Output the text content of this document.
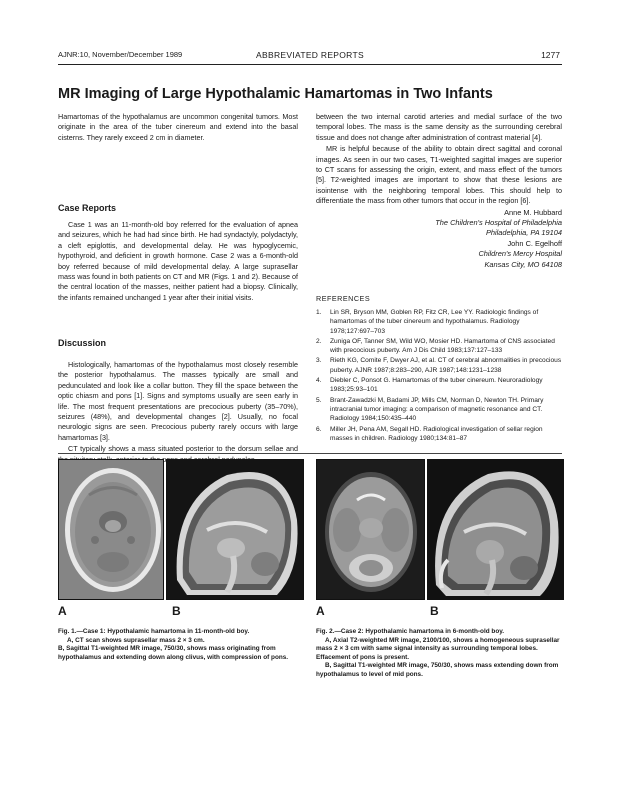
AJNR:10, November/December 1989	ABBREVIATED REPORTS	1277
MR Imaging of Large Hypothalamic Hamartomas in Two Infants

Hamartomas of the hypothalamus are uncommon congenital tumors. Most originate in the area of the tuber cinereum and extend into the basal cisterns. They rarely exceed 2 cm in diameter.

Case Reports

Case 1 was an 11-month-old boy referred for the evaluation of apnea and seizures, which he had had since birth. He had syndactyly, polydactyly, a cleft epiglottis, and developmental delay. He was hypoglycemic, hypothyroid, and deficient in growth hormone. Case 2 was a 6-month-old boy referred because of mild developmental delay. A large suprasellar mass was found in both patients on CT and MR (Figs. 1 and 2). Because of the central location of the masses, neither patient had a biopsy. Clinically, the infants remained unchanged 1 year after their initial visits.

Discussion

Histologically, hamartomas of the hypothalamus most closely resemble the posterior hypothalamus. The masses typically are small and pedunculated and look like a collar button. They fill the space between the optic chiasm and pons [1]. Signs and symptoms usually are seen early in life. The most frequent presentations are precocious puberty (35–70%), seizures (48%), and developmental changes [2]. Usually, no focal neurologic signs are seen. Precocious puberty rarely occurs with large hamartomas [3].

CT typically shows a mass situated posterior to the dorsum sellae and

between the two internal carotid arteries and medial surface of the two temporal lobes. The mass is the same density as the surrounding cerebral tissue and does not change after administration of contrast material [4].

MR is helpful because of the ability to obtain direct sagittal and coronal images. As seen in our two cases, T1-weighted sagittal images are superior to CT scans for assessing the origin, extent, and mass effect of the tumors [5]. T2-weighted images are important to show that these lesions are isointense with the neighboring temporal lobes. This should help to differentiate the mass from other tumors that occur in the region [6].

Anne M. Hubbard
The Children's Hospital of Philadelphia
Philadelphia, PA 19104
John C. Egelhoff
Children's Mercy Hospital
Kansas City, MO 64108
REFERENCES
1. Lin SR, Bryson MM, Goblen RP, Fitz CR, Lee YY. Radiologic findings of hamartomas of the tuber cinereum and hypothalamus. Radiology 1978;127:697–703
2. Zuniga OF, Tanner SM, Wild WO, Mosier HD. Hamartoma of CNS associated with precocious puberty. Am J Dis Child 1983;137:127–133
3. Rieth KG, Comite F, Dwyer AJ, et al. CT of cerebral abnormalities in precocious puberty. AJNR 1987;8:283–290, AJR 1987;148:1231–1238
4. Diebler C, Ponsot G. Hamartomas of the tuber cinereum. Neuroradiology 1983;25:93–101
5. Brant-Zawadzki M, Badami JP, Mills CM, Norman D, Newton TH. Primary intracranial tumor imaging: a comparison of magnetic resonance and CT. Radiology 1984;150:435–440
6. Miller JH, Pena AM, Segall HD. Radiological investigation of sellar region masses in children. Radiology 1980;134:81–87
A	B	A	B

Fig. 1.—Case 1: Hypothalamic hamartoma in 11-month-old boy.

A, CT scan shows suprasellar mass 2 × 3 cm.

B, Sagittal T1-weighted MR image, 750/30, shows mass originating from hypothalamus and extending down along clivus, with compression of pons.

Fig. 2.—Case 2: Hypothalamic hamartoma in 6-month-old boy.

A, Axial T2-weighted MR image, 2100/100, shows a homogeneous suprasellar mass 2 × 3 cm with same signal intensity as surrounding temporal lobes. Effacement of pons is present.

B, Sagittal T1-weighted MR image, 750/30, shows mass extending down from hypothalamus to level of mid pons.
